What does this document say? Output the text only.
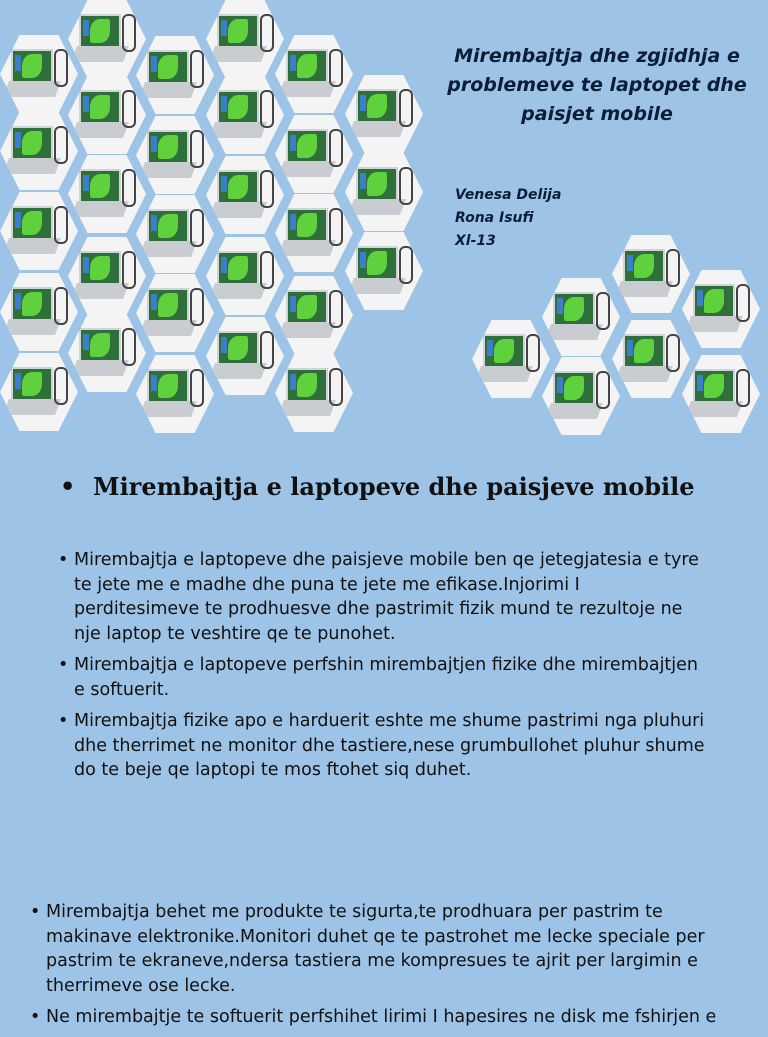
Mirembajtja dhe zgjidhja e problemeve te laptopet dhe paisjet mobile
Venesa Delija
Rona Isufi
Xl-13
• Mirembajtja e laptopeve dhe paisjeve mobile
• Mirembajtja e laptopeve dhe paisjeve mobile ben qe jetegjatesia e tyre te jete me e madhe dhe puna te jete me efikase.Injorimi I perditesimeve te prodhuesve dhe pastrimit fizik mund te rezultoje ne nje laptop te veshtire qe te punohet.
• Mirembajtja e laptopeve perfshin mirembajtjen fizike dhe mirembajtjen e softuerit.
• Mirembajtja fizike apo e harduerit eshte me shume pastrimi nga pluhuri dhe therrimet ne monitor dhe tastiere,nese grumbullohet pluhur shume do te beje qe laptopi te mos ftohet siq duhet.
• Mirembajtja behet me produkte te sigurta,te prodhuara per pastrim te makinave elektronike.Monitori duhet qe te pastrohet me lecke speciale per pastrim te ekraneve,ndersa tastiera me kompresues te ajrit per largimin e therrimeve ose lecke.
• Ne mirembajtje te softuerit perfshihet lirimi I hapesires ne disk me fshirjen e
